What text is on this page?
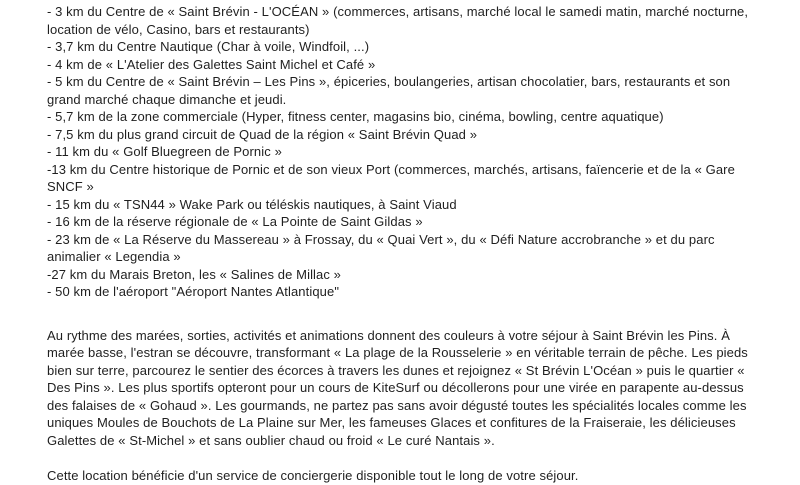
- 3 km du Centre de « Saint Brévin - L'OCÉAN » (commerces, artisans, marché local le samedi matin, marché nocturne, location de vélo, Casino, bars et restaurants)
- 3,7 km du Centre Nautique (Char à voile, Windfoil, ...)
- 4 km de « L'Atelier des Galettes Saint Michel et Café »
- 5 km du Centre de « Saint Brévin – Les Pins », épiceries, boulangeries, artisan chocolatier, bars, restaurants et son grand marché chaque dimanche et jeudi.
- 5,7 km de la zone commerciale (Hyper, fitness center, magasins bio, cinéma, bowling, centre aquatique)
- 7,5 km du plus grand circuit de Quad de la région « Saint Brévin Quad »
- 11 km du « Golf Bluegreen de Pornic »
-13 km du Centre historique de Pornic et de son vieux Port (commerces, marchés, artisans, faïencerie et de la « Gare SNCF »
- 15 km du « TSN44 » Wake Park ou téléskis nautiques, à Saint Viaud
- 16 km de la réserve régionale de « La Pointe de Saint Gildas »
- 23 km de « La Réserve du Massereau » à Frossay, du « Quai Vert », du « Défi Nature accrobranche » et du parc animalier « Legendia »
-27 km du Marais Breton, les « Salines de Millac »
- 50 km de l'aéroport "Aéroport Nantes Atlantique"

Au rythme des marées, sorties, activités et animations donnent des couleurs à votre séjour à Saint Brévin les Pins. À marée basse, l'estran se découvre, transformant « La plage de la Rousselerie » en véritable terrain de pêche. Les pieds bien sur terre, parcourez le sentier des écorces à travers les dunes et rejoignez « St Brévin L'Océan » puis le quartier « Des Pins ». Les plus sportifs opteront pour un cours de KiteSurf ou décollerons pour une virée en parapente au-dessus des falaises de « Gohaud ». Les gourmands, ne partez pas sans avoir dégusté toutes les spécialités locales comme les uniques Moules de Bouchots de La Plaine sur Mer, les fameuses Glaces et confitures de la Fraiseraie, les délicieuses Galettes de « St-Michel » et sans oublier chaud ou froid « Le curé Nantais ».

Cette location bénéficie d'un service de conciergerie disponible tout le long de votre séjour.
